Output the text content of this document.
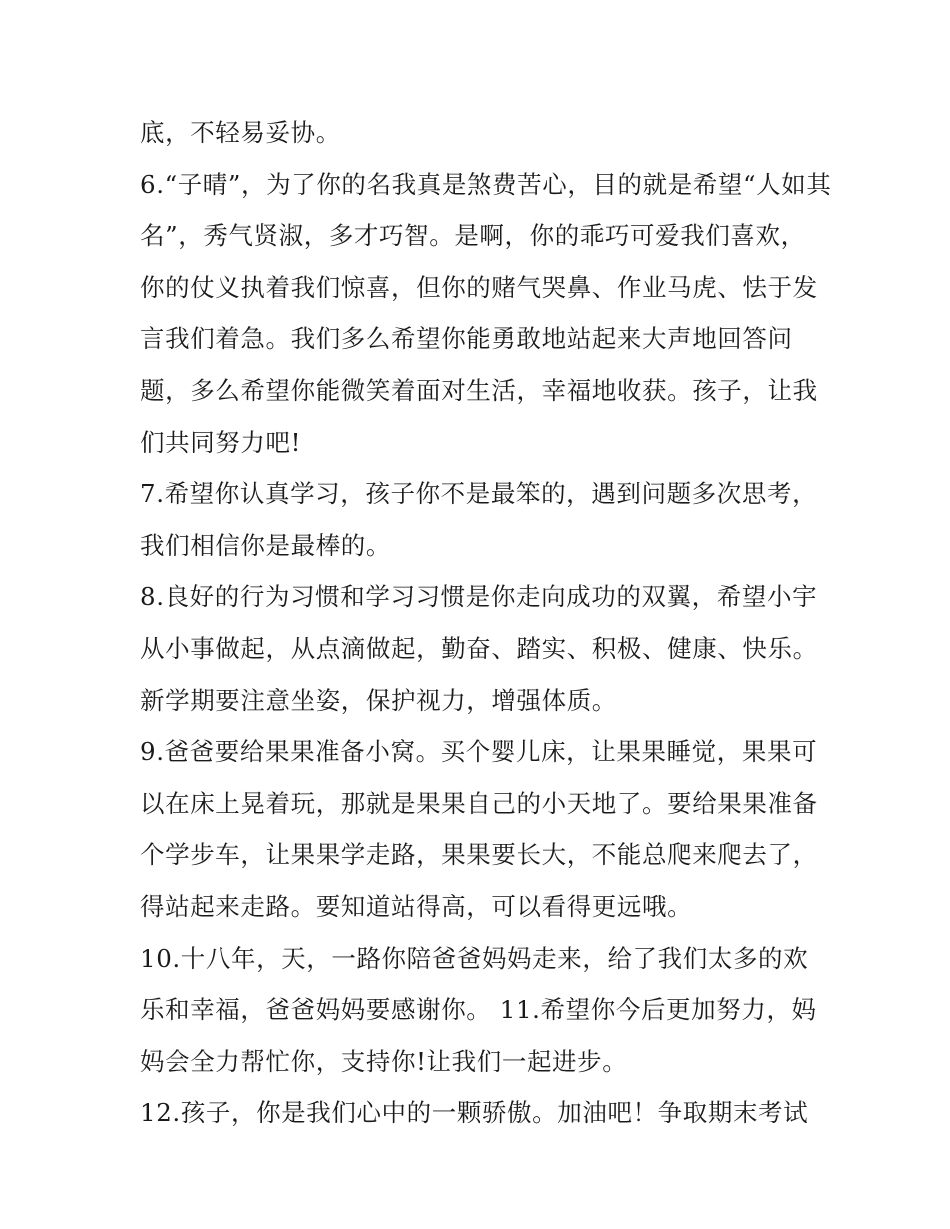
底，不轻易妥协。
6.“子晴”，为了你的名我真是煞费苦心，目的就是希望“人如其
名”，秀气贤淑，多才巧智。是啊，你的乖巧可爱我们喜欢，
你的仗义执着我们惊喜，但你的赌气哭鼻、作业马虎、怯于发
言我们着急。我们多么希望你能勇敢地站起来大声地回答问
题，多么希望你能微笑着面对生活，幸福地收获。孩子，让我
们共同努力吧!
7.希望你认真学习，孩子你不是最笨的，遇到问题多次思考，
我们相信你是最棒的。
8.良好的行为习惯和学习习惯是你走向成功的双翼，希望小宇
从小事做起，从点滴做起，勤奋、踏实、积极、健康、快乐。
新学期要注意坐姿，保护视力，增强体质。
9.爸爸要给果果准备小窝。买个婴儿床，让果果睡觉，果果可
以在床上晃着玩，那就是果果自己的小天地了。要给果果准备
个学步车，让果果学走路，果果要长大，不能总爬来爬去了，
得站起来走路。要知道站得高，可以看得更远哦。
10.十八年，天，一路你陪爸爸妈妈走来，给了我们太多的欢
乐和幸福，爸爸妈妈要感谢你。 11.希望你今后更加努力，妈
妈会全力帮忙你，支持你!让我们一起进步。
12.孩子，你是我们心中的一颗骄傲。加油吧！争取期末考试
